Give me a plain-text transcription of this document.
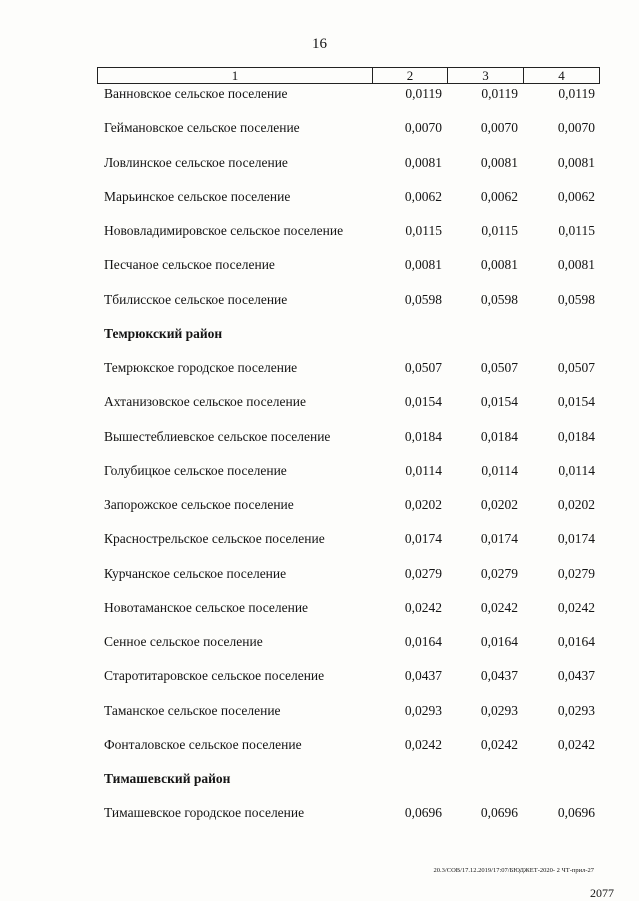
16
1	2	3	4
Ванновское сельское поселение	0,0119	0,0119	0,0119
Геймановское сельское поселение	0,0070	0,0070	0,0070
Ловлинское сельское поселение	0,0081	0,0081	0,0081
Марьинское сельское поселение	0,0062	0,0062	0,0062
Нововладимировское сельское поселение	0,0115	0,0115	0,0115
Песчаное сельское поселение	0,0081	0,0081	0,0081
Тбилисское сельское поселение	0,0598	0,0598	0,0598
Темрюкский район
Темрюкское городское поселение	0,0507	0,0507	0,0507
Ахтанизовское сельское поселение	0,0154	0,0154	0,0154
Вышестеблиевское сельское поселение	0,0184	0,0184	0,0184
Голубицкое сельское поселение	0,0114	0,0114	0,0114
Запорожское сельское поселение	0,0202	0,0202	0,0202
Краснострельское сельское поселение	0,0174	0,0174	0,0174
Курчанское сельское поселение	0,0279	0,0279	0,0279
Новотаманское сельское поселение	0,0242	0,0242	0,0242
Сенное сельское поселение	0,0164	0,0164	0,0164
Старотитаровское сельское поселение	0,0437	0,0437	0,0437
Таманское сельское поселение	0,0293	0,0293	0,0293
Фонталовское сельское поселение	0,0242	0,0242	0,0242
Тимашевский район
Тимашевское городское поселение	0,0696	0,0696	0,0696
20.3/СОВ/17.12.2019/17:07/БЮДЖЕТ-2020- 2 ЧТ-прил-27
2077
